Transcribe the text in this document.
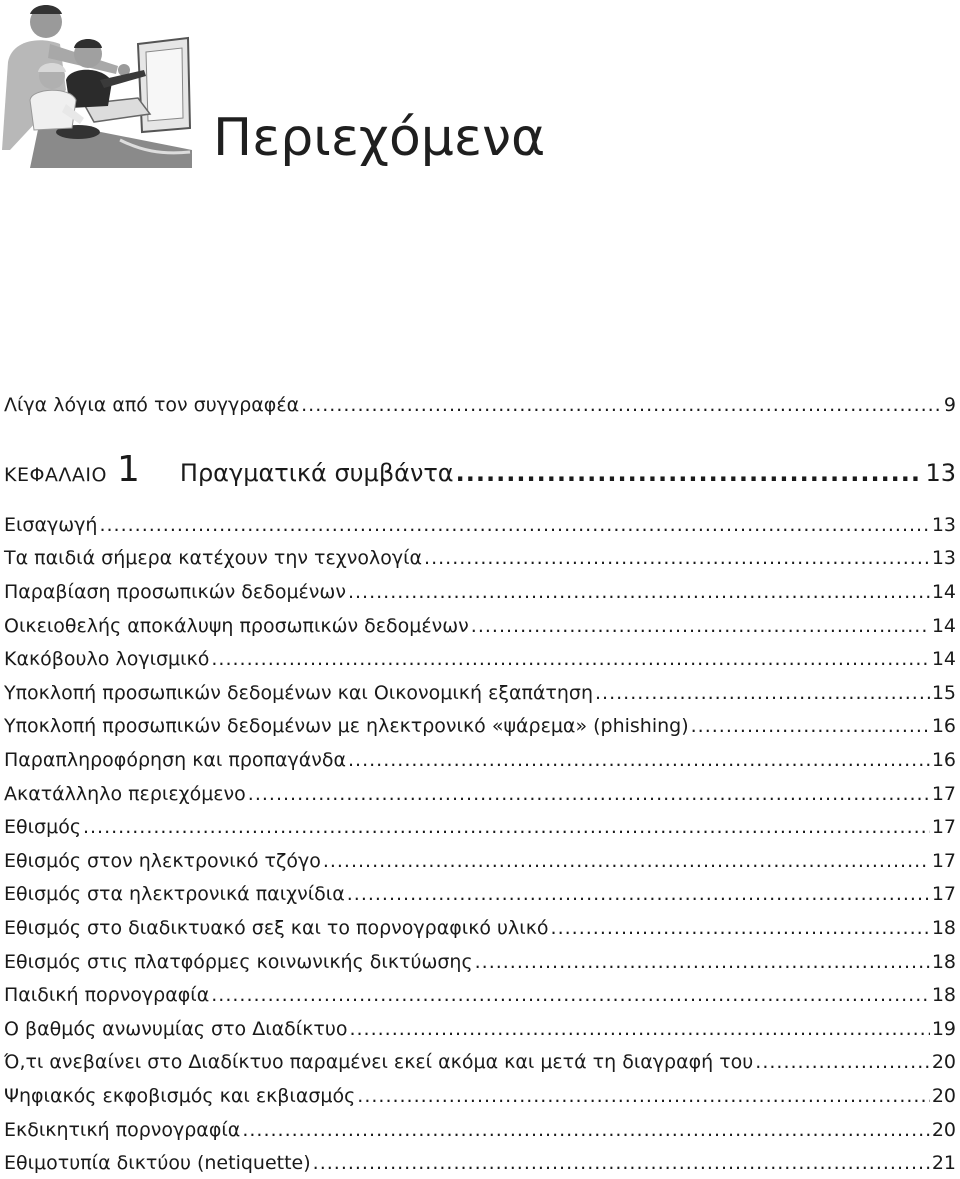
Περιεχόμενα
Λίγα λόγια από τον συγγραφέα .....	9
ΚΕΦΑΛΑΙΟ 1 Πραγματικά συμβάντα .....	13
Εισαγωγή .....	13
Τα παιδιά σήμερα κατέχουν την τεχνολογία .....	13
Παραβίαση προσωπικών δεδομένων .....	14
Οικειοθελής αποκάλυψη προσωπικών δεδομένων .....	14
Κακόβουλο λογισμικό .....	14
Υποκλοπή προσωπικών δεδομένων και Οικονομική εξαπάτηση .....	15
Υποκλοπή προσωπικών δεδομένων με ηλεκτρονικό «ψάρεμα» (phishing) .....	16
Παραπληροφόρηση και προπαγάνδα .....	16
Ακατάλληλο περιεχόμενο .....	17
Εθισμός .....	17
Εθισμός στον ηλεκτρονικό τζόγο .....	17
Εθισμός στα ηλεκτρονικά παιχνίδια .....	17
Εθισμός στο διαδικτυακό σεξ και το πορνογραφικό υλικό .....	18
Εθισμός στις πλατφόρμες κοινωνικής δικτύωσης .....	18
Παιδική πορνογραφία .....	18
Ο βαθμός ανωνυμίας στο Διαδίκτυο .....	19
Ό,τι ανεβαίνει στο Διαδίκτυο παραμένει εκεί ακόμα και μετά τη διαγραφή του .....	20
Ψηφιακός εκφοβισμός και εκβιασμός .....	20
Εκδικητική πορνογραφία .....	20
Εθιμοτυπία δικτύου (netiquette) .....	21
